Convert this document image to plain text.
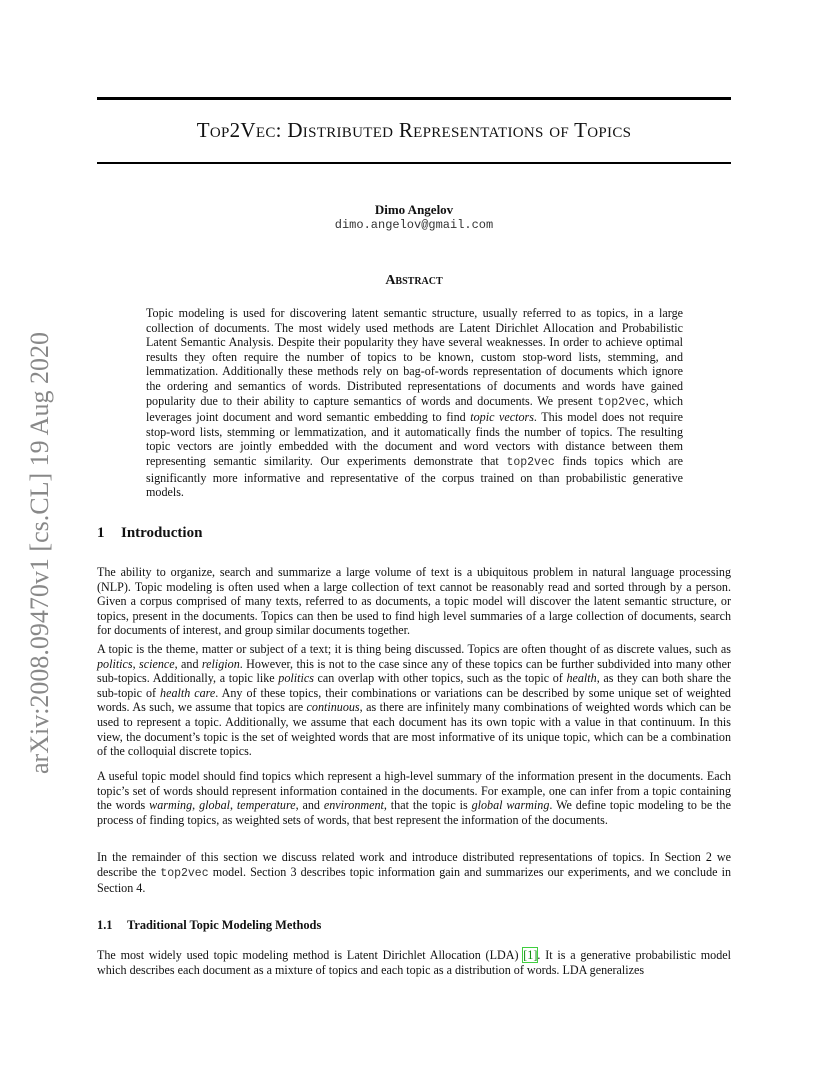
arXiv:2008.09470v1 [cs.CL] 19 Aug 2020
Top2Vec: Distributed Representations of Topics
Dimo Angelov
dimo.angelov@gmail.com
Abstract

Topic modeling is used for discovering latent semantic structure, usually referred to as topics, in a large collection of documents. The most widely used methods are Latent Dirichlet Allocation and Probabilistic Latent Semantic Analysis. Despite their popularity they have several weaknesses. In order to achieve optimal results they often require the number of topics to be known, custom stop-word lists, stemming, and lemmatization. Additionally these methods rely on bag-of-words representation of documents which ignore the ordering and semantics of words. Distributed representations of documents and words have gained popularity due to their ability to capture semantics of words and documents. We present top2vec, which leverages joint document and word semantic embedding to find topic vectors. This model does not require stop-word lists, stemming or lemmatization, and it automatically finds the number of topics. The resulting topic vectors are jointly embedded with the document and word vectors with distance between them representing semantic similarity. Our experiments demonstrate that top2vec finds topics which are significantly more informative and representative of the corpus trained on than probabilistic generative models.

1 Introduction

The ability to organize, search and summarize a large volume of text is a ubiquitous problem in natural language processing (NLP). Topic modeling is often used when a large collection of text cannot be reasonably read and sorted through by a person. Given a corpus comprised of many texts, referred to as documents, a topic model will discover the latent semantic structure, or topics, present in the documents. Topics can then be used to find high level summaries of a large collection of documents, search for documents of interest, and group similar documents together.

A topic is the theme, matter or subject of a text; it is thing being discussed. Topics are often thought of as discrete values, such as politics, science, and religion. However, this is not to the case since any of these topics can be further subdivided into many other sub-topics. Additionally, a topic like politics can overlap with other topics, such as the topic of health, as they can both share the sub-topic of health care. Any of these topics, their combinations or variations can be described by some unique set of weighted words. As such, we assume that topics are continuous, as there are infinitely many combinations of weighted words which can be used to represent a topic. Additionally, we assume that each document has its own topic with a value in that continuum. In this view, the document’s topic is the set of weighted words that are most informative of its unique topic, which can be a combination of the colloquial discrete topics.

A useful topic model should find topics which represent a high-level summary of the information present in the documents. Each topic’s set of words should represent information contained in the documents. For example, one can infer from a topic containing the words warming, global, temperature, and environment, that the topic is global warming. We define topic modeling to be the process of finding topics, as weighted sets of words, that best represent the information of the documents.

In the remainder of this section we discuss related work and introduce distributed representations of topics. In Section 2 we describe the top2vec model. Section 3 describes topic information gain and summarizes our experiments, and we conclude in Section 4.

1.1 Traditional Topic Modeling Methods

The most widely used topic modeling method is Latent Dirichlet Allocation (LDA) [1]. It is a generative probabilistic model which describes each document as a mixture of topics and each topic as a distribution of words. LDA generalizes
